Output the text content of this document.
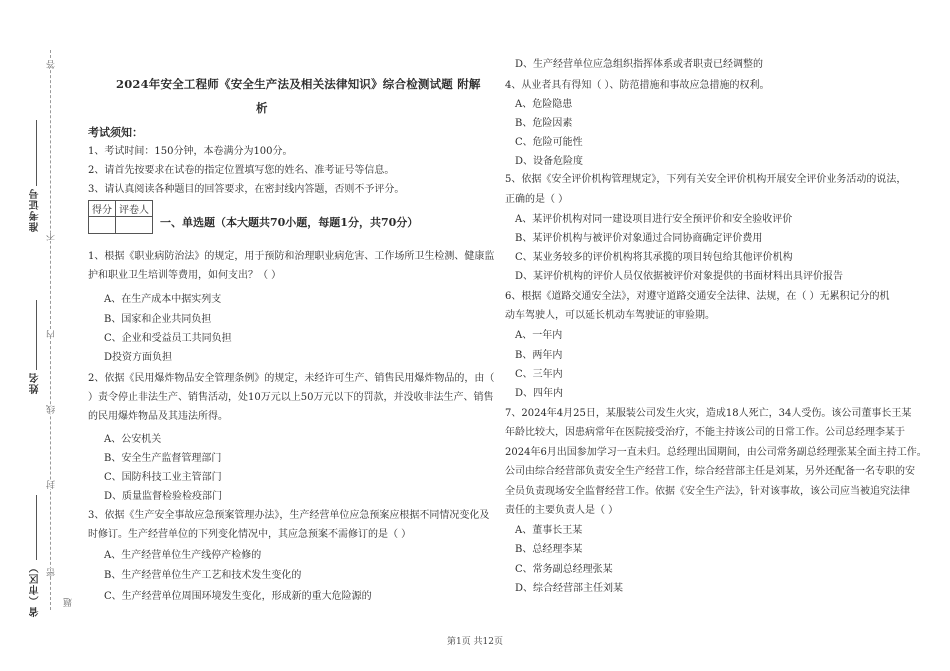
答
不
内
线
封
密
题
准考证号
姓名
省（市区）
2024年安全工程师《安全生产法及相关法律知识》综合检测试题 附解
析
考试须知：
1、考试时间：150分钟，本卷满分为100分。
2、请首先按要求在试卷的指定位置填写您的姓名、准考证号等信息。
3、请认真阅读各种题目的回答要求，在密封线内答题，否则不予评分。
得分	评卷人

一、单选题（本大题共70小题，每题1分，共70分）
1、根据《职业病防治法》的规定，用于预防和治理职业病危害、工作场所卫生检测、健康监
护和职业卫生培训等费用，如何支出？（ ）
A、在生产成本中据实列支
B、国家和企业共同负担
C、企业和受益员工共同负担
D投资方面负担
2、依据《民用爆炸物品安全管理条例》的规定，未经许可生产、销售民用爆炸物品的，由（
）责令停止非法生产、销售活动，处10万元以上50万元以下的罚款，并没收非法生产、销售
的民用爆炸物品及其违法所得。
A、公安机关
B、安全生产监督管理部门
C、国防科技工业主管部门
D、质量监督检验检疫部门
3、依据《生产安全事故应急预案管理办法》，生产经营单位应急预案应根据不同情况变化及
时修订。生产经营单位的下列变化情况中，其应急预案不需修订的是（ ）
A、生产经营单位生产线停产检修的
B、生产经营单位生产工艺和技术发生变化的
C、生产经营单位周围环境发生变化，形成新的重大危险源的
D、生产经营单位应急组织指挥体系或者职责已经调整的
4、从业者具有得知（ ）、防范措施和事故应急措施的权利。
A、危险隐患
B、危险因素
C、危险可能性
D、设备危险度
5、依据《安全评价机构管理规定》，下列有关安全评价机构开展安全评价业务活动的说法，
正确的是（ ）
A、某评价机构对同一建设项目进行安全预评价和安全验收评价
B、某评价机构与被评价对象通过合同协商确定评价费用
C、某业务较多的评价机构将其承揽的项目转包给其他评价机构
D、某评价机构的评价人员仅依据被评价对象提供的书面材料出具评价报告
6、根据《道路交通安全法》，对遵守道路交通安全法律、法规，在（ ）无累积记分的机
动车驾驶人，可以延长机动车驾驶证的审验期。
A、一年内
B、两年内
C、三年内
D、四年内
7、2024年4月25日，某服装公司发生火灾，造成18人死亡，34人受伤。该公司董事长王某
年龄比较大，因患病常年在医院接受治疗，不能主持该公司的日常工作。公司总经理李某于
2024年6月出国参加学习一直未归。总经理出国期间，由公司常务副总经理张某全面主持工作。
公司由综合经营部负责安全生产经营工作，综合经营部主任是刘某，另外还配备一名专职的安
全员负责现场安全监督经营工作。依据《安全生产法》，针对该事故，该公司应当被追究法律
责任的主要负责人是（ ）
A、董事长王某
B、总经理李某
C、常务副总经理张某
D、综合经营部主任刘某
第1页 共12页
